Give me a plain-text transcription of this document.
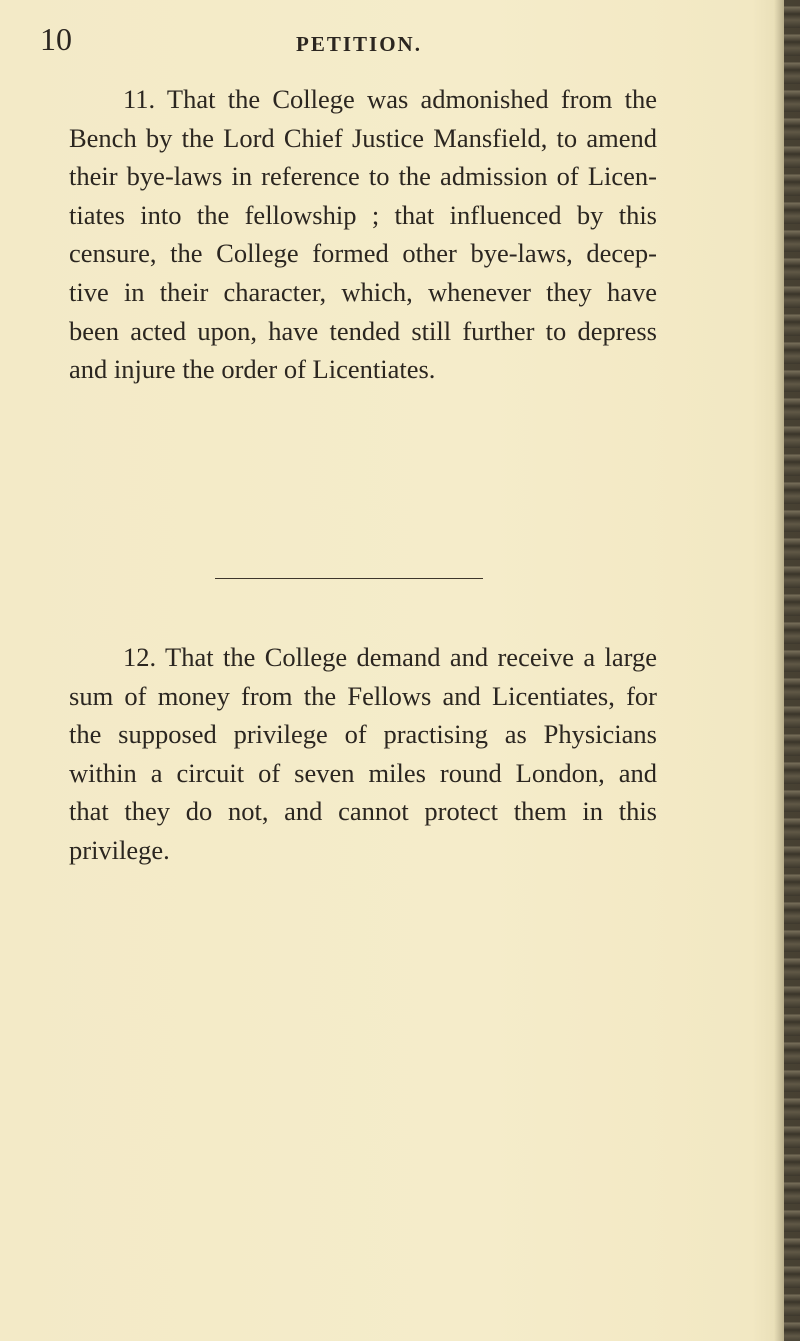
10	PETITION.

11. That the College was admonished from the
Bench by the Lord Chief Justice Mansfield, to amend
their bye-laws in reference to the admission of Licen-
tiates into the fellowship ; that influenced by this
censure, the College formed other bye-laws, decep-
tive in their character, which, whenever they have
been acted upon, have tended still further to depress
and injure the order of Licentiates.

12. That the College demand and receive a large
sum of money from the Fellows and Licentiates, for
the supposed privilege of practising as Physicians
within a circuit of seven miles round London, and
that they do not, and cannot protect them in this
privilege.
